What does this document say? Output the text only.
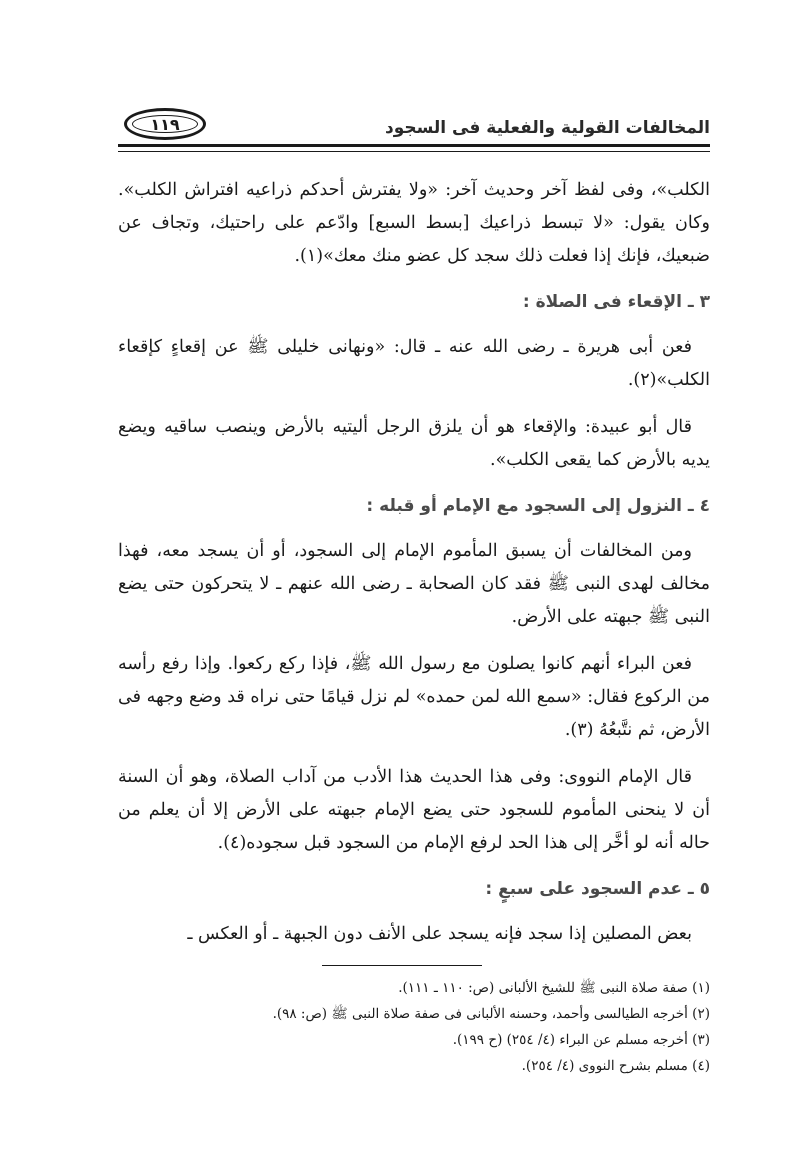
المخالفات القولية والفعلية فى السجود
١١٩

الكلب»، وفى لفظ آخر وحديث آخر: «ولا يفترش أحدكم ذراعيه افتراش الكلب». وكان يقول: «لا تبسط ذراعيك [بسط السبع] وادّعم على راحتيك، وتجاف عن ضبعيك، فإنك إذا فعلت ذلك سجد كل عضو منك معك»(١).

٣ ـ الإقعاء فى الصلاة :

فعن أبى هريرة ـ رضى الله عنه ـ قال: «ونهانى خليلى ﷺ عن إقعاءٍ كإقعاء الكلب»(٢).

قال أبو عبيدة: والإقعاء هو أن يلزق الرجل أليتيه بالأرض وينصب ساقيه ويضع يديه بالأرض كما يقعى الكلب».

٤ ـ النزول إلى السجود مع الإمام أو قبله :

ومن المخالفات أن يسبق المأموم الإمام إلى السجود، أو أن يسجد معه، فهذا مخالف لهدى النبى ﷺ فقد كان الصحابة ـ رضى الله عنهم ـ لا يتحركون حتى يضع النبى ﷺ جبهته على الأرض.

فعن البراء أنهم كانوا يصلون مع رسول الله ﷺ، فإذا ركع ركعوا. وإذا رفع رأسه من الركوع فقال: «سمع الله لمن حمده» لم نزل قيامًا حتى نراه قد وضع وجهه فى الأرض، ثم نتَّبعُهُ (٣).

قال الإمام النووى: وفى هذا الحديث هذا الأدب من آداب الصلاة، وهو أن السنة أن لا ينحنى المأموم للسجود حتى يضع الإمام جبهته على الأرض إلا أن يعلم من حاله أنه لو أخَّر إلى هذا الحد لرفع الإمام من السجود قبل سجوده(٤).

٥ ـ عدم السجود على سبعٍ :

بعض المصلين إذا سجد فإنه يسجد على الأنف دون الجبهة ـ أو العكس ـ

(١) صفة صلاة النبى ﷺ للشيخ الألبانى (ص: ١١٠ ـ ١١١).

(٢) أخرجه الطيالسى وأحمد، وحسنه الألبانى فى صفة صلاة النبى ﷺ (ص: ٩٨).

(٣) أخرجه مسلم عن البراء (٤/ ٢٥٤) (ح ١٩٩).

(٤) مسلم بشرح النووى (٤/ ٢٥٤).
